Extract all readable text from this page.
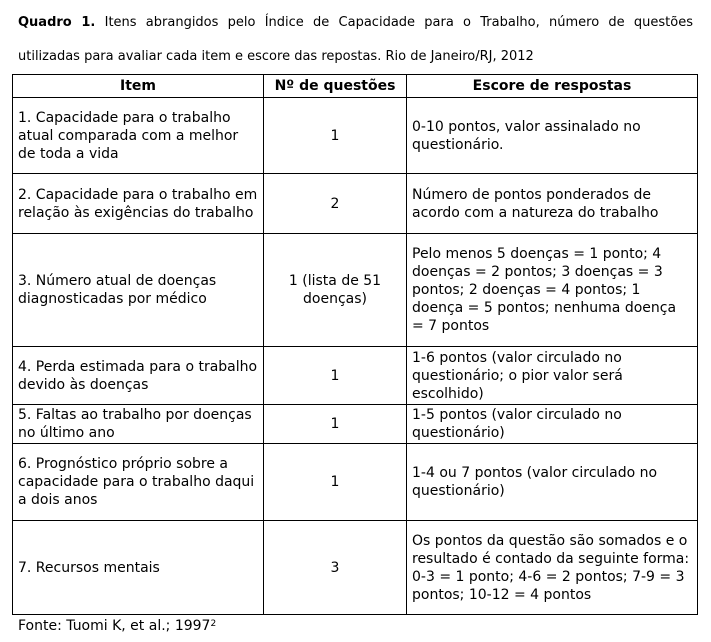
Quadro 1. Itens abrangidos pelo Índice de Capacidade para o Trabalho, número de questões
utilizadas para avaliar cada item e escore das repostas. Rio de Janeiro/RJ, 2012
Item	Nº de questões	Escore de respostas
1. Capacidade para o trabalho atual comparada com a melhor de toda a vida	1	0-10 pontos, valor assinalado no questionário.
2. Capacidade para o trabalho em relação às exigências do trabalho	2	Número de pontos ponderados de acordo com a natureza do trabalho
3. Número atual de doenças diagnosticadas por médico	1 (lista de 51 doenças)	Pelo menos 5 doenças = 1 ponto; 4 doenças = 2 pontos; 3 doenças = 3 pontos; 2 doenças = 4 pontos; 1 doença = 5 pontos; nenhuma doença = 7 pontos
4. Perda estimada para o trabalho devido às doenças	1	1-6 pontos (valor circulado no questionário; o pior valor será escolhido)
5. Faltas ao trabalho por doenças no último ano	1	1-5 pontos (valor circulado no questionário)
6. Prognóstico próprio sobre a capacidade para o trabalho daqui a dois anos	1	1-4 ou 7 pontos (valor circulado no questionário)
7. Recursos mentais	3	Os pontos da questão são somados e o resultado é contado da seguinte forma: 0-3 = 1 ponto; 4-6 = 2 pontos; 7-9 = 3 pontos; 10-12 = 4 pontos
Fonte: Tuomi K, et al.; 1997$^2$
